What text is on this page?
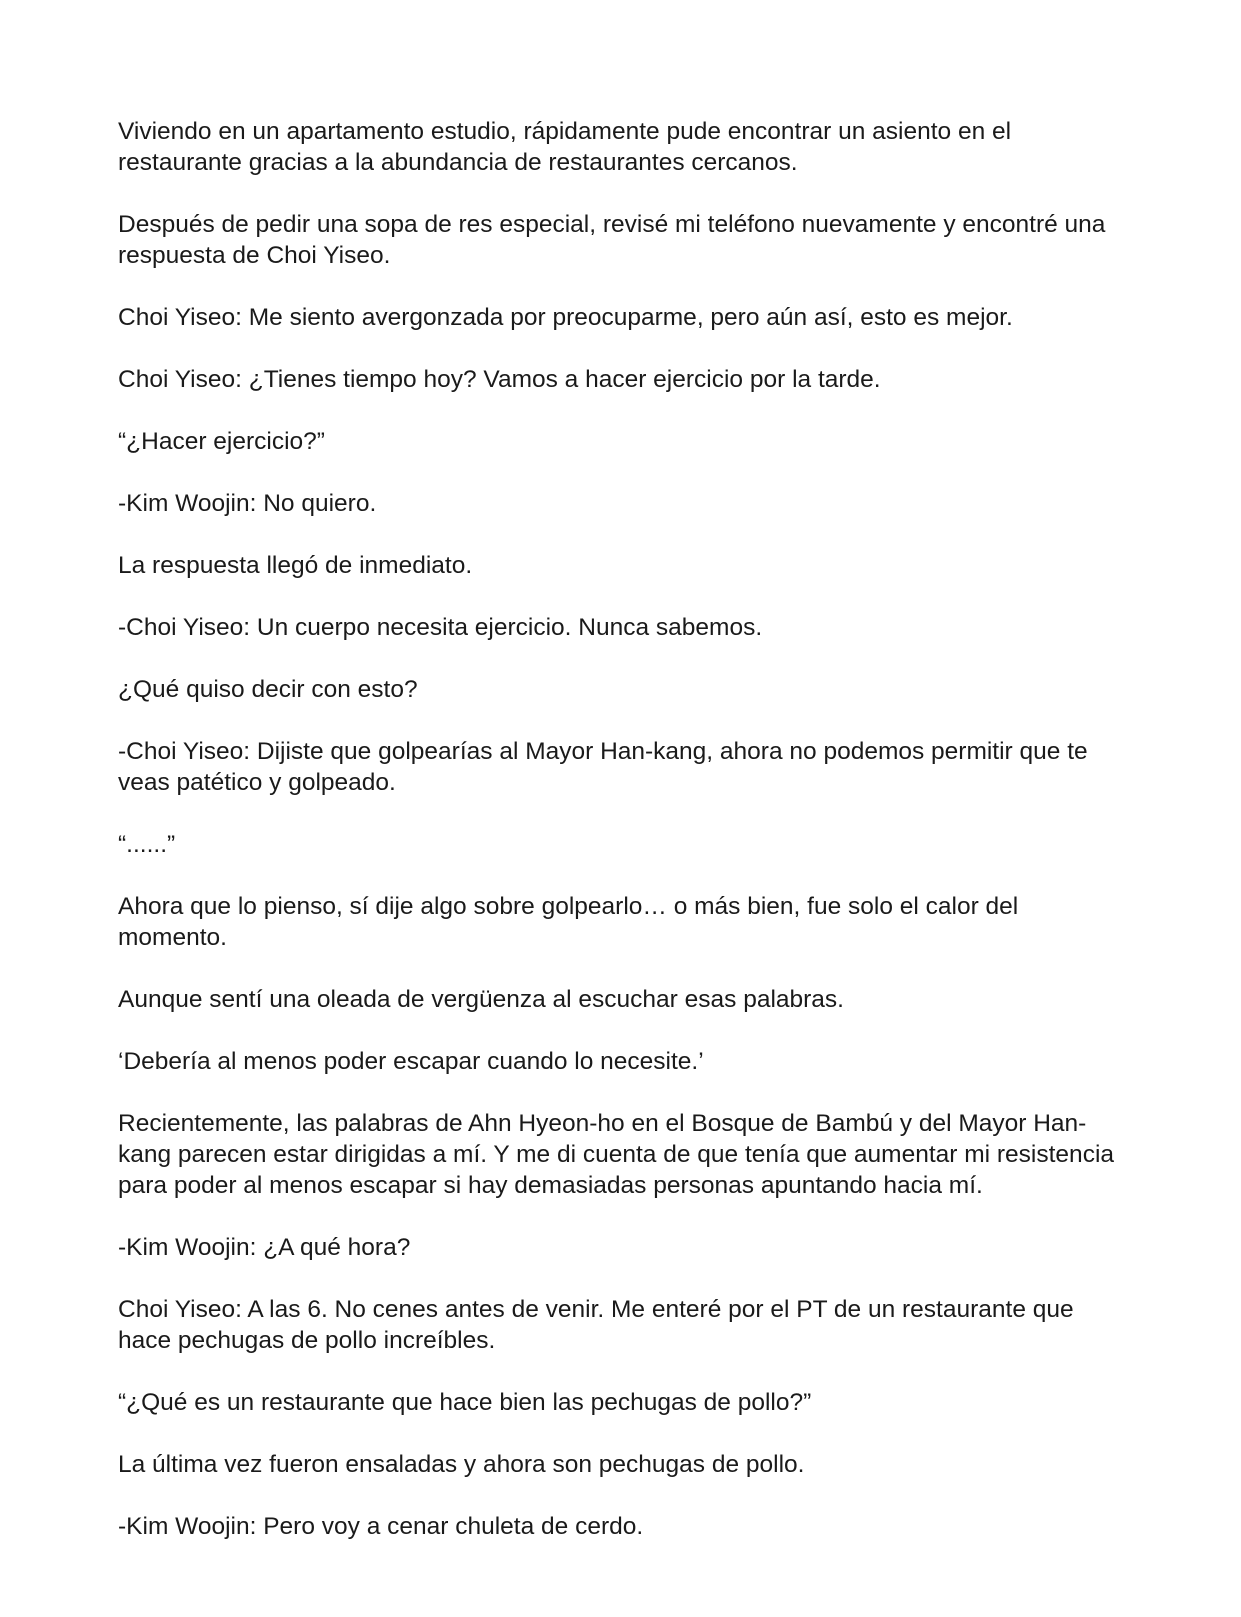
Viviendo en un apartamento estudio, rápidamente pude encontrar un asiento en el restaurante gracias a la abundancia de restaurantes cercanos.

Después de pedir una sopa de res especial, revisé mi teléfono nuevamente y encontré una respuesta de Choi Yiseo.

Choi Yiseo: Me siento avergonzada por preocuparme, pero aún así, esto es mejor.

Choi Yiseo: ¿Tienes tiempo hoy? Vamos a hacer ejercicio por la tarde.

“¿Hacer ejercicio?”

-Kim Woojin: No quiero.

La respuesta llegó de inmediato.

-Choi Yiseo: Un cuerpo necesita ejercicio. Nunca sabemos.

¿Qué quiso decir con esto?

-Choi Yiseo: Dijiste que golpearías al Mayor Han-kang, ahora no podemos permitir que te veas patético y golpeado.

“......”

Ahora que lo pienso, sí dije algo sobre golpearlo… o más bien, fue solo el calor del momento.

Aunque sentí una oleada de vergüenza al escuchar esas palabras.

‘Debería al menos poder escapar cuando lo necesite.’

Recientemente, las palabras de Ahn Hyeon-ho en el Bosque de Bambú y del Mayor Han-kang parecen estar dirigidas a mí. Y me di cuenta de que tenía que aumentar mi resistencia para poder al menos escapar si hay demasiadas personas apuntando hacia mí.

-Kim Woojin: ¿A qué hora?

Choi Yiseo: A las 6. No cenes antes de venir. Me enteré por el PT de un restaurante que hace pechugas de pollo increíbles.

“¿Qué es un restaurante que hace bien las pechugas de pollo?”

La última vez fueron ensaladas y ahora son pechugas de pollo.

-Kim Woojin: Pero voy a cenar chuleta de cerdo.
